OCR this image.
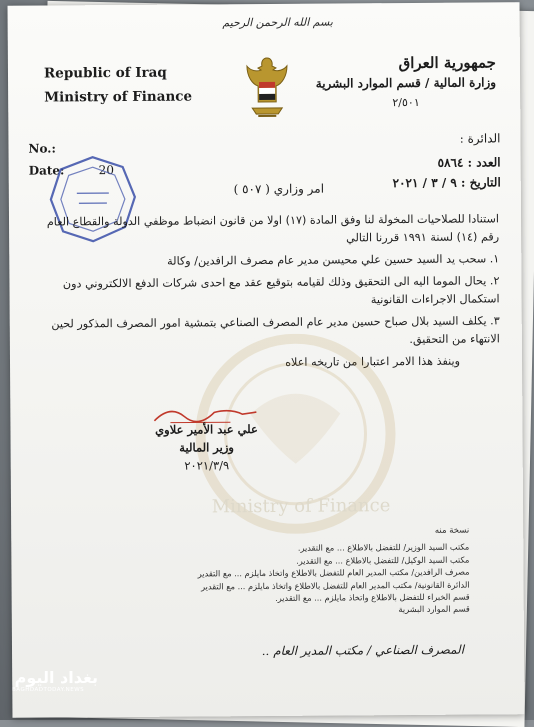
بسم الله الرحمن الرحيم
Republic of Iraq
Ministry of Finance
جمهورية العراق
وزارة المالية / قسم الموارد البشرية
٢/٥٠١
No.:
Date:	20
الدائرة :
العدد : ٥٨٦٤
التاريخ : ٩ / ٣ / ٢٠٢١
امر وزاري ( ٥٠٧ )

استنادا للصلاحيات المخولة لنا وفق المادة (١٧) اولا من قانون انضباط موظفي الدولة والقطاع العام رقم (١٤) لسنة ١٩٩١ قررنا التالي

١. سحب يد السيد حسين علي محيسن مدير عام مصرف الرافدين/ وكالة

٢. يحال الموما اليه الى التحقيق وذلك لقيامه بتوقيع عقد مع احدى شركات الدفع الالكتروني دون استكمال الاجراءات القانونية

٣. يكلف السيد بلال صباح حسين مدير عام المصرف الصناعي بتمشية امور المصرف المذكور لحين الانتهاء من التحقيق.

وينفذ هذا الامر اعتبارا من تاريخه اعلاه

Ministry of Finance
علي عبد الأمير علاوي
وزير المالية
٢٠٢١/٣/٩
نسخة منه
مكتب السيد الوزير/ للتفضل بالاطلاع ... مع التقدير.
مكتب السيد الوكيل/ للتفضل بالاطلاع ... مع التقدير.
مصرف الرافدين/ مكتب المدير العام للتفضل بالاطلاع واتخاذ مايلزم ... مع التقدير
الدائرة القانونية/ مكتب المدير العام للتفضل بالاطلاع واتخاذ مايلزم ... مع التقدير
قسم الخبراء للتفضل بالاطلاع واتخاذ مايلزم ... مع التقدير.
قسم الموارد البشرية
المصرف الصناعي / مكتب المدير العام ..
بغداد اليوم
BAGHDADTODAY.NEWS
